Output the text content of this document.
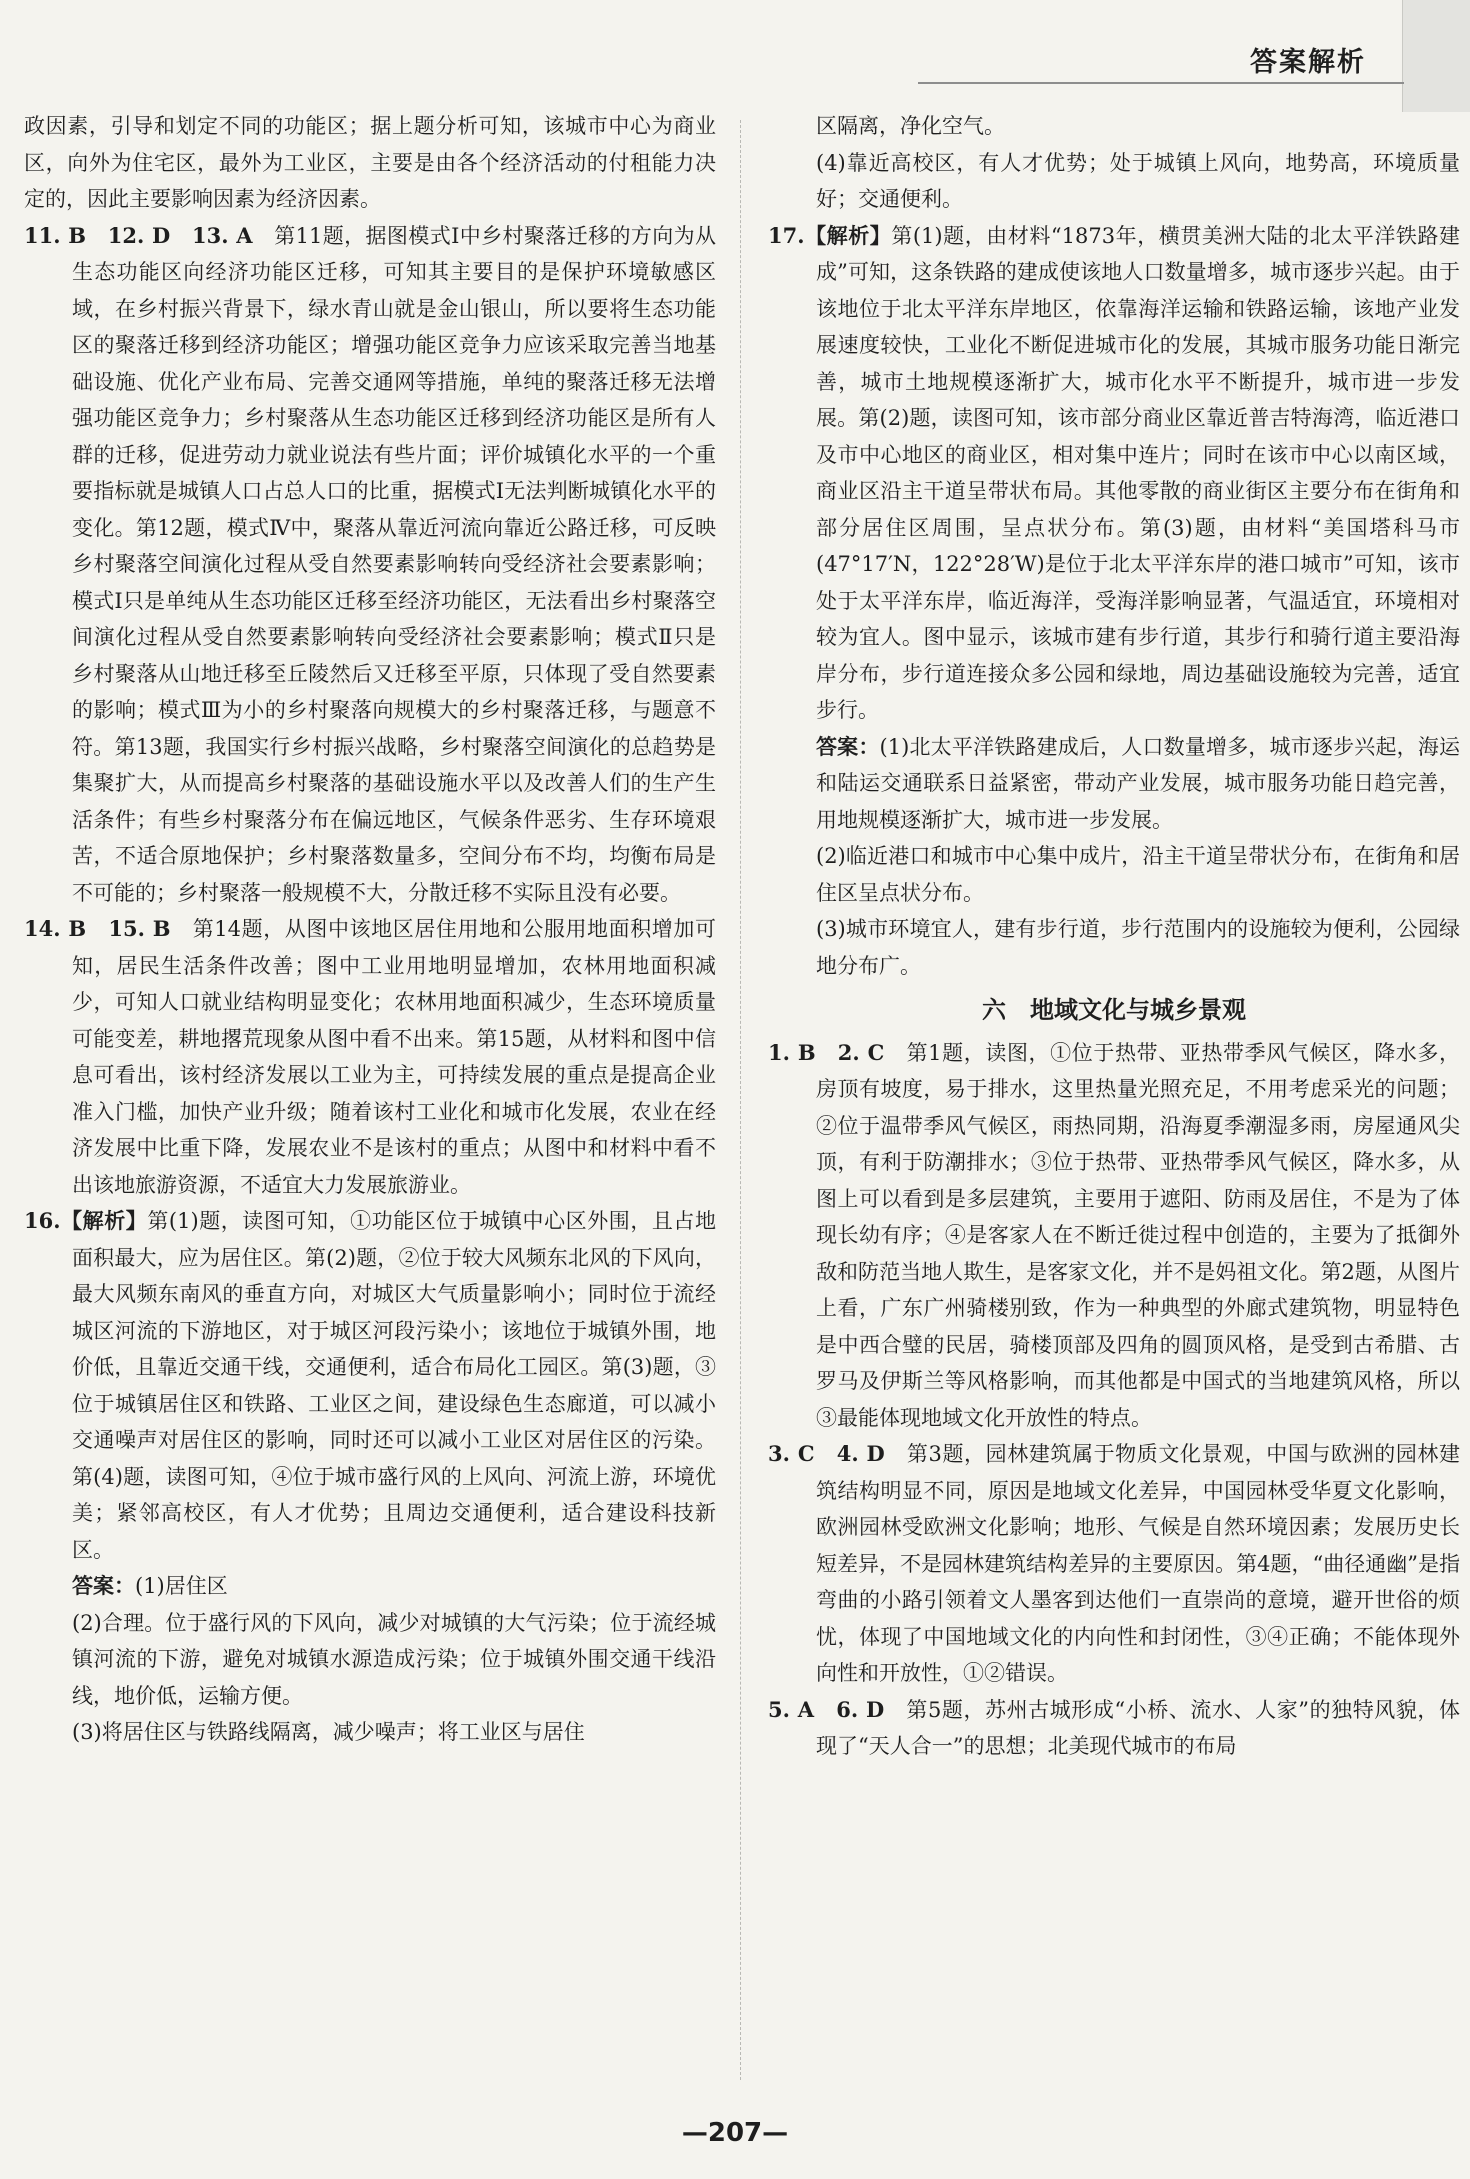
答案解析

政因素，引导和划定不同的功能区；据上题分析可知，该城市中心为商业区，向外为住宅区，最外为工业区，主要是由各个经济活动的付租能力决定的，因此主要影响因素为经济因素。

11. B　12. D　13. A　第11题，据图模式Ⅰ中乡村聚落迁移的方向为从生态功能区向经济功能区迁移，可知其主要目的是保护环境敏感区域，在乡村振兴背景下，绿水青山就是金山银山，所以要将生态功能区的聚落迁移到经济功能区；增强功能区竞争力应该采取完善当地基础设施、优化产业布局、完善交通网等措施，单纯的聚落迁移无法增强功能区竞争力；乡村聚落从生态功能区迁移到经济功能区是所有人群的迁移，促进劳动力就业说法有些片面；评价城镇化水平的一个重要指标就是城镇人口占总人口的比重，据模式Ⅰ无法判断城镇化水平的变化。第12题，模式Ⅳ中，聚落从靠近河流向靠近公路迁移，可反映乡村聚落空间演化过程从受自然要素影响转向受经济社会要素影响；模式Ⅰ只是单纯从生态功能区迁移至经济功能区，无法看出乡村聚落空间演化过程从受自然要素影响转向受经济社会要素影响；模式Ⅱ只是乡村聚落从山地迁移至丘陵然后又迁移至平原，只体现了受自然要素的影响；模式Ⅲ为小的乡村聚落向规模大的乡村聚落迁移，与题意不符。第13题，我国实行乡村振兴战略，乡村聚落空间演化的总趋势是集聚扩大，从而提高乡村聚落的基础设施水平以及改善人们的生产生活条件；有些乡村聚落分布在偏远地区，气候条件恶劣、生存环境艰苦，不适合原地保护；乡村聚落数量多，空间分布不均，均衡布局是不可能的；乡村聚落一般规模不大，分散迁移不实际且没有必要。

14. B　15. B　第14题，从图中该地区居住用地和公服用地面积增加可知，居民生活条件改善；图中工业用地明显增加，农林用地面积减少，可知人口就业结构明显变化；农林用地面积减少，生态环境质量可能变差，耕地撂荒现象从图中看不出来。第15题，从材料和图中信息可看出，该村经济发展以工业为主，可持续发展的重点是提高企业准入门槛，加快产业升级；随着该村工业化和城市化发展，农业在经济发展中比重下降，发展农业不是该村的重点；从图中和材料中看不出该地旅游资源，不适宜大力发展旅游业。

16.【解析】第(1)题，读图可知，①功能区位于城镇中心区外围，且占地面积最大，应为居住区。第(2)题，②位于较大风频东北风的下风向，最大风频东南风的垂直方向，对城区大气质量影响小；同时位于流经城区河流的下游地区，对于城区河段污染小；该地位于城镇外围，地价低，且靠近交通干线，交通便利，适合布局化工园区。第(3)题，③位于城镇居住区和铁路、工业区之间，建设绿色生态廊道，可以减小交通噪声对居住区的影响，同时还可以减小工业区对居住区的污染。第(4)题，读图可知，④位于城市盛行风的上风向、河流上游，环境优美；紧邻高校区，有人才优势；且周边交通便利，适合建设科技新区。

答案：(1)居住区

(2)合理。位于盛行风的下风向，减少对城镇的大气污染；位于流经城镇河流的下游，避免对城镇水源造成污染；位于城镇外围交通干线沿线，地价低，运输方便。

(3)将居住区与铁路线隔离，减少噪声；将工业区与居住

区隔离，净化空气。

(4)靠近高校区，有人才优势；处于城镇上风向，地势高，环境质量好；交通便利。

17.【解析】第(1)题，由材料“1873年，横贯美洲大陆的北太平洋铁路建成”可知，这条铁路的建成使该地人口数量增多，城市逐步兴起。由于该地位于北太平洋东岸地区，依靠海洋运输和铁路运输，该地产业发展速度较快，工业化不断促进城市化的发展，其城市服务功能日渐完善，城市土地规模逐渐扩大，城市化水平不断提升，城市进一步发展。第(2)题，读图可知，该市部分商业区靠近普吉特海湾，临近港口及市中心地区的商业区，相对集中连片；同时在该市中心以南区域，商业区沿主干道呈带状布局。其他零散的商业街区主要分布在街角和部分居住区周围，呈点状分布。第(3)题，由材料“美国塔科马市(47°17′N，122°28′W)是位于北太平洋东岸的港口城市”可知，该市处于太平洋东岸，临近海洋，受海洋影响显著，气温适宜，环境相对较为宜人。图中显示，该城市建有步行道，其步行和骑行道主要沿海岸分布，步行道连接众多公园和绿地，周边基础设施较为完善，适宜步行。

答案：(1)北太平洋铁路建成后，人口数量增多，城市逐步兴起，海运和陆运交通联系日益紧密，带动产业发展，城市服务功能日趋完善，用地规模逐渐扩大，城市进一步发展。

(2)临近港口和城市中心集中成片，沿主干道呈带状分布，在街角和居住区呈点状分布。

(3)城市环境宜人，建有步行道，步行范围内的设施较为便利，公园绿地分布广。

六　地域文化与城乡景观

1. B　2. C　第1题，读图，①位于热带、亚热带季风气候区，降水多，房顶有坡度，易于排水，这里热量光照充足，不用考虑采光的问题；②位于温带季风气候区，雨热同期，沿海夏季潮湿多雨，房屋通风尖顶，有利于防潮排水；③位于热带、亚热带季风气候区，降水多，从图上可以看到是多层建筑，主要用于遮阳、防雨及居住，不是为了体现长幼有序；④是客家人在不断迁徙过程中创造的，主要为了抵御外敌和防范当地人欺生，是客家文化，并不是妈祖文化。第2题，从图片上看，广东广州骑楼别致，作为一种典型的外廊式建筑物，明显特色是中西合璧的民居，骑楼顶部及四角的圆顶风格，是受到古希腊、古罗马及伊斯兰等风格影响，而其他都是中国式的当地建筑风格，所以③最能体现地域文化开放性的特点。

3. C　4. D　第3题，园林建筑属于物质文化景观，中国与欧洲的园林建筑结构明显不同，原因是地域文化差异，中国园林受华夏文化影响，欧洲园林受欧洲文化影响；地形、气候是自然环境因素；发展历史长短差异，不是园林建筑结构差异的主要原因。第4题，“曲径通幽”是指弯曲的小路引领着文人墨客到达他们一直崇尚的意境，避开世俗的烦忧，体现了中国地域文化的内向性和封闭性，③④正确；不能体现外向性和开放性，①②错误。

5. A　6. D　第5题，苏州古城形成“小桥、流水、人家”的独特风貌，体现了“天人合一”的思想；北美现代城市的布局

—207—
